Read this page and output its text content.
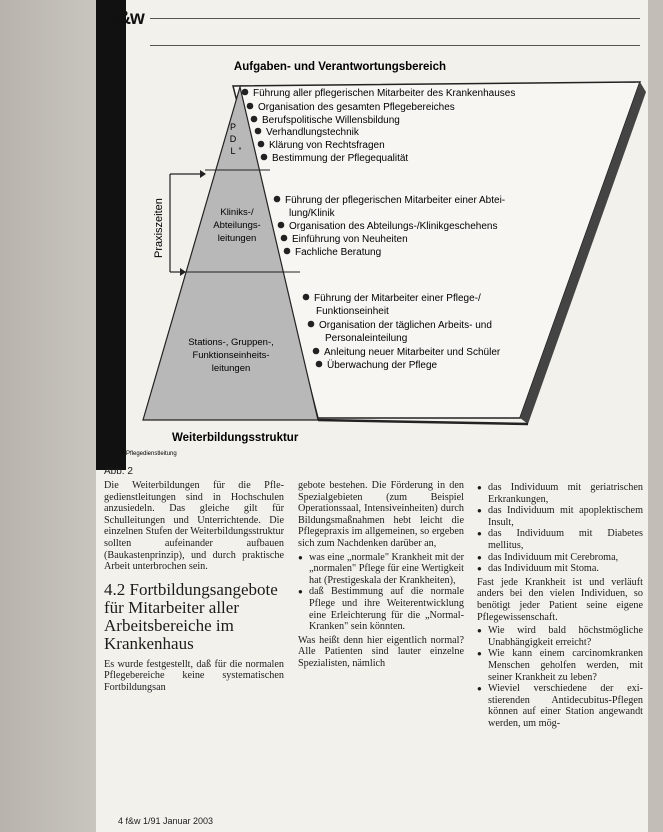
f&w
Aufgaben- und Verantwortungsbereich
Praxiszeiten
Weiterbildungsstruktur
* Pflegedienstleitung
P
D
L *
Kliniks-/
Abteilungs-
leitungen
Stations-, Gruppen-,
Funktionseinheits-
leitungen
Führung aller pflegerischen Mitarbeiter des Krankenhauses
Organisation des gesamten Pflegebereiches
Berufspolitische Willensbildung
Verhandlungstechnik
Klärung von Rechtsfragen
Bestimmung der Pflegequalität
Führung der pflegerischen Mitarbeiter einer Abtei-
lung/Klinik
Organisation des Abteilungs-/Klinikgeschehens
Einführung von Neuheiten
Fachliche Beratung
Führung der Mitarbeiter einer Pflege-/
Funktionseinheit
Organisation der täglichen Arbeits- und
Personaleinteilung
Anleitung neuer Mitarbeiter und Schüler
Überwachung der Pflege
Abb. 2

Die Weiterbildungen für die Pflegedienstleitungen sind in Hochschulen anzusiedeln. Das gleiche gilt für Schulleitungen und Unterrichtende. Die einzelnen Stufen der Weiterbildungsstruktur sollten aufeinander aufbauen (Baukastenprinzip), und durch praktische Arbeit unterbrochen sein.

4.2 Fortbildungsangebote für Mitarbeiter aller Arbeitsbereiche im Krankenhaus

Es wurde festgestellt, daß für die normalen Pflegebereiche keine systematischen Fortbildungsan

gebote bestehen. Die Förderung in den Spezialgebieten (zum Beispiel Operationssaal, Intensiveinheiten) durch Bildungsmaßnahmen hebt leicht die Pflegepraxis im allgemeinen, so ergeben sich zum Nachdenken darüber an,

● was eine „normale" Krankheit mit der „normalen" Pflege für eine Wertigkeit hat (Prestigeskala der Krankheiten),
● daß Bestimmung auf die normale Pflege und ihre Weiterentwicklung eine Erleichterung für die „Normal-Kranken" sein könnten.

Was heißt denn hier eigentlich normal? Alle Patienten sind lauter einzelne Spezialisten, nämlich

● das Individuum mit geriatrischen Erkrankungen,
● das Individuum mit apoplektischem Insult,
● das Individuum mit Diabetes mellitus,
● das Individuum mit Cerebroma,
● das Individuum mit Stoma.

Fast jede Krankheit ist und verläuft anders bei den vielen Individuen, so benötigt jeder Patient seine eigene Pflegewissenschaft.

● Wie wird bald höchstmögliche Unabhängigkeit erreicht?
● Wie kann einem carcinomkranken Menschen geholfen werden, mit seiner Krankheit zu leben?
● Wieviel verschiedene der existierenden Antidecubitus-Pflegen können auf einer Station angewandt werden, um mög-
4 f&w 1/91 Januar 2003
